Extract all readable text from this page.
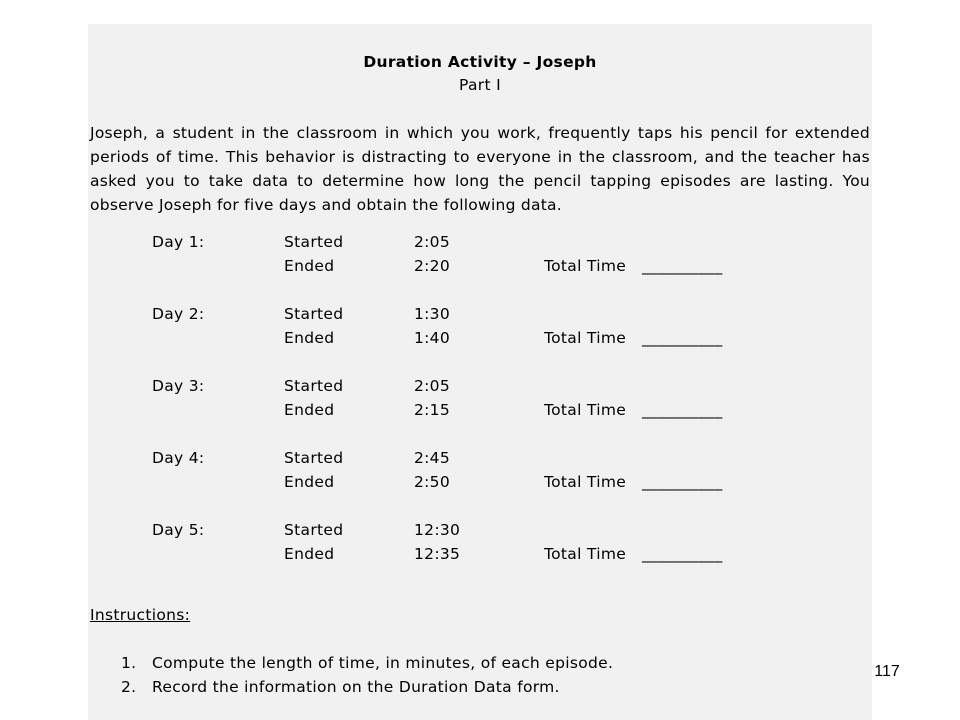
Duration Activity – Joseph
Part I
Joseph, a student in the classroom in which you work, frequently taps his pencil for extended periods of time. This behavior is distracting to everyone in the classroom, and the teacher has asked you to take data to determine how long the pencil tapping episodes are lasting. You observe Joseph for five days and obtain the following data.
Day 1:	Started	2:05
Ended	2:20	Total Time __________
Day 2:	Started	1:30
Ended	1:40	Total Time __________
Day 3:	Started	2:05
Ended	2:15	Total Time __________
Day 4:	Started	2:45
Ended	2:50	Total Time __________
Day 5:	Started	12:30
Ended	12:35	Total Time __________
Instructions:
1. Compute the length of time, in minutes, of each episode.
2. Record the information on the Duration Data form.
117
